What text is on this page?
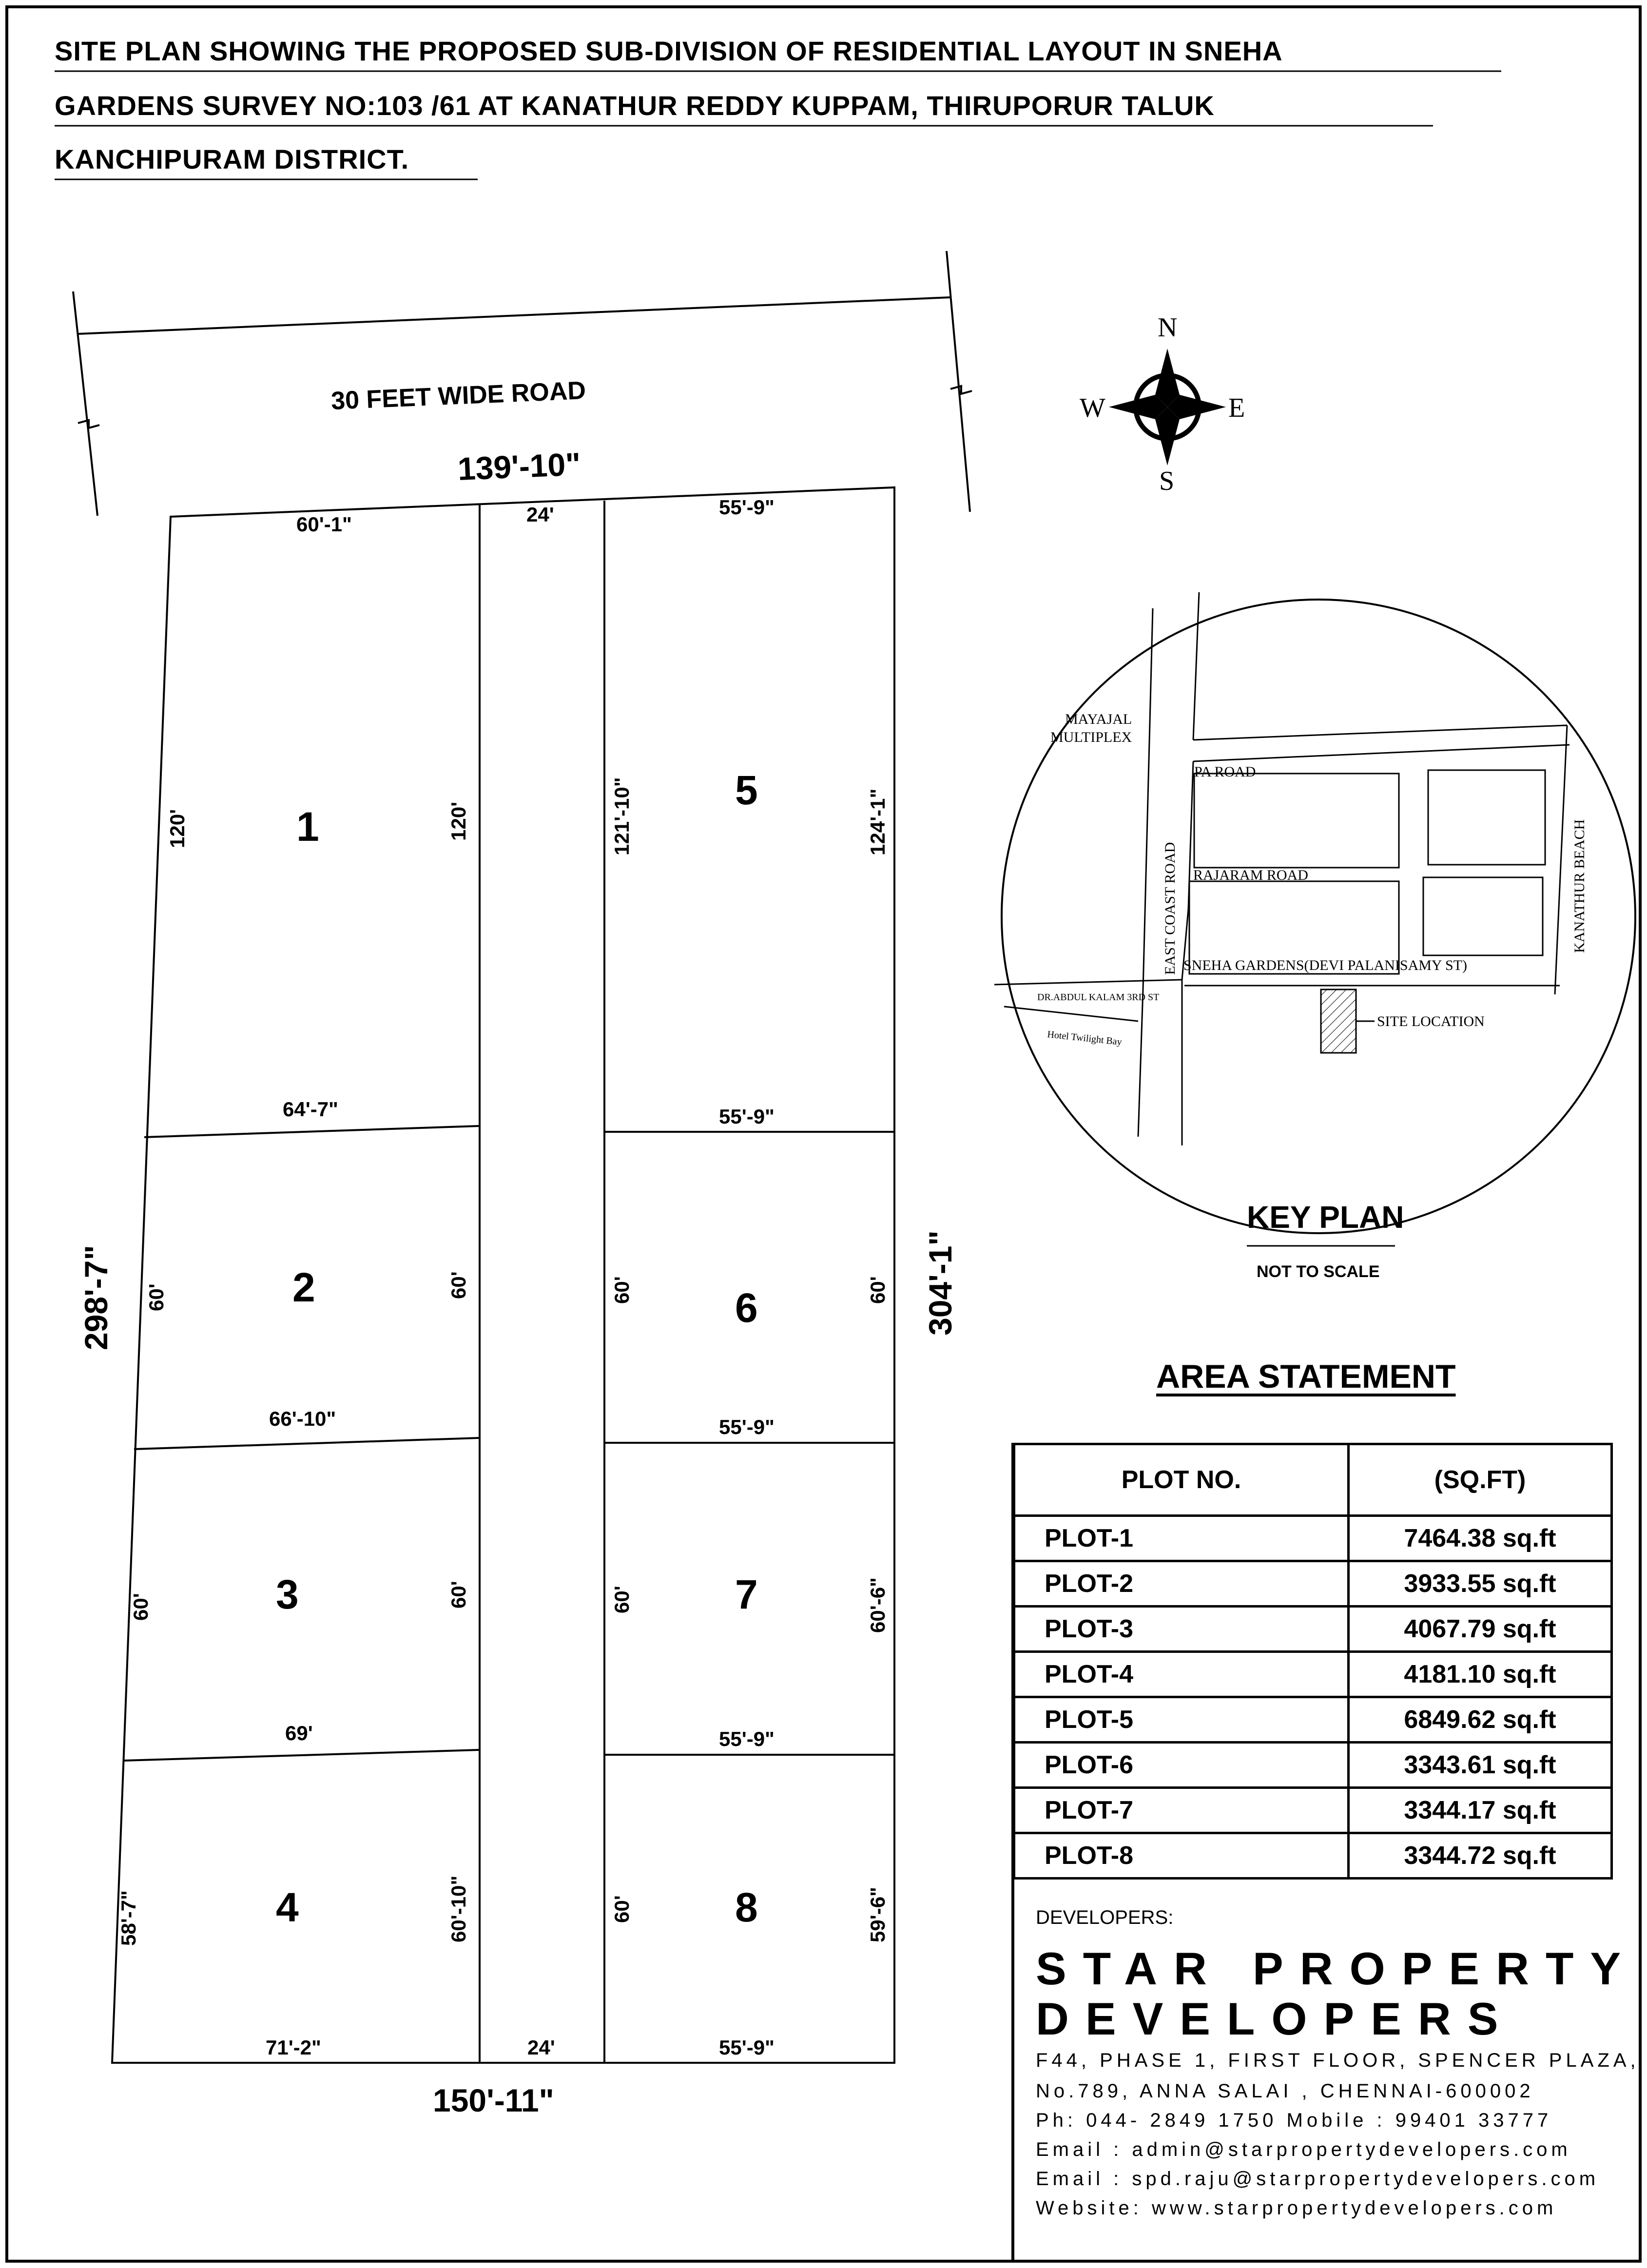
SITE PLAN SHOWING THE PROPOSED SUB-DIVISION OF RESIDENTIAL LAYOUT IN SNEHA
GARDENS SURVEY NO:103 /61 AT KANATHUR REDDY KUPPAM, THIRUPORUR TALUK
KANCHIPURAM DISTRICT.
30 FEET WIDE ROAD
139'-10"
60'-1"	24'	55'-9"
64'-7"	55'-9"
66'-10"	55'-9"
69'	55'-9"
71'-2"	24'	55'-9"
120'	120'
60'	60'
60'	60'
58'-7"	60'-10"
121'-10"	124'-1"
60'	60'
60'	60'-6"
60'	59'-6"
298'-7"	304'-1"
150'-11"
1
2
3
4
5
6
7
8
N
S
W	E
MAYAJAL
MULTIPLEX
PA ROAD
RAJARAM ROAD
SNEHA GARDENS(DEVI PALANISAMY ST)
EAST COAST ROAD	KANATHUR BEACH
DR.ABDUL KALAM 3RD ST
Hotel Twilight Bay
SITE LOCATION
KEY PLAN
NOT TO SCALE
AREA STATEMENT
PLOT NO.	(SQ.FT)
PLOT-1	7464.38 sq.ft
PLOT-2	3933.55 sq.ft
PLOT-3	4067.79 sq.ft
PLOT-4	4181.10 sq.ft
PLOT-5	6849.62 sq.ft
PLOT-6	3343.61 sq.ft
PLOT-7	3344.17 sq.ft
PLOT-8	3344.72 sq.ft
DEVELOPERS:
STAR PROPERTY
DEVELOPERS
F44, PHASE 1, FIRST FLOOR, SPENCER PLAZA,
No.789, ANNA SALAI , CHENNAI-600002
Ph: 044- 2849 1750 Mobile : 99401 33777
Email : admin@starpropertydevelopers.com
Email : spd.raju@starpropertydevelopers.com
Website: www.starpropertydevelopers.com
